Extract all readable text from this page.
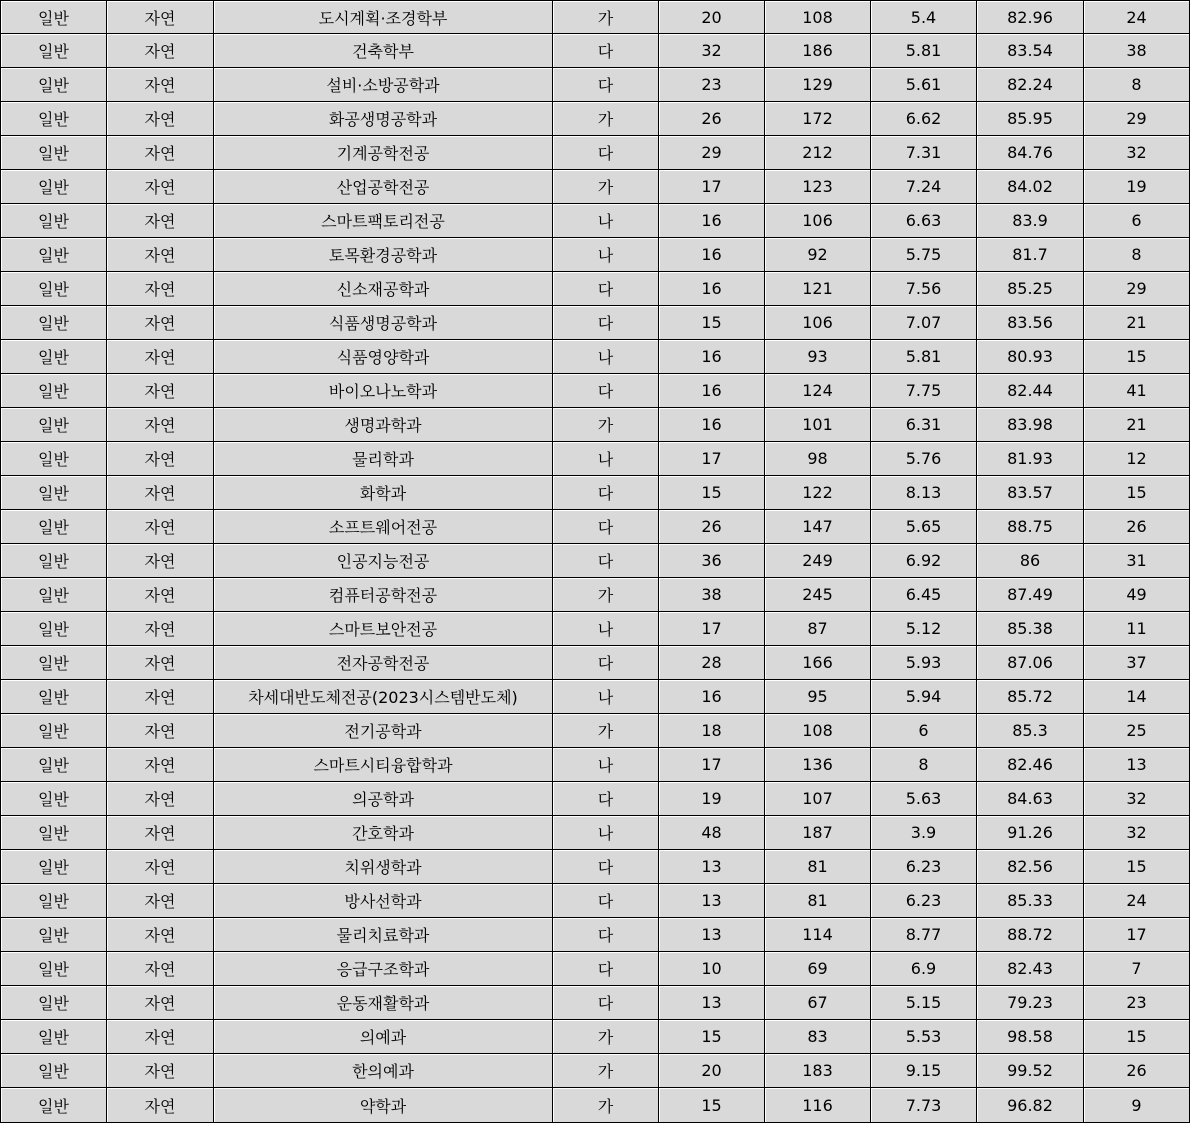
일반	자연	도시계획·조경학부	가	20	108	5.4	82.96	24
일반	자연	건축학부	다	32	186	5.81	83.54	38
일반	자연	설비·소방공학과	다	23	129	5.61	82.24	8
일반	자연	화공생명공학과	가	26	172	6.62	85.95	29
일반	자연	기계공학전공	다	29	212	7.31	84.76	32
일반	자연	산업공학전공	가	17	123	7.24	84.02	19
일반	자연	스마트팩토리전공	나	16	106	6.63	83.9	6
일반	자연	토목환경공학과	나	16	92	5.75	81.7	8
일반	자연	신소재공학과	다	16	121	7.56	85.25	29
일반	자연	식품생명공학과	다	15	106	7.07	83.56	21
일반	자연	식품영양학과	나	16	93	5.81	80.93	15
일반	자연	바이오나노학과	다	16	124	7.75	82.44	41
일반	자연	생명과학과	가	16	101	6.31	83.98	21
일반	자연	물리학과	나	17	98	5.76	81.93	12
일반	자연	화학과	다	15	122	8.13	83.57	15
일반	자연	소프트웨어전공	다	26	147	5.65	88.75	26
일반	자연	인공지능전공	다	36	249	6.92	86	31
일반	자연	컴퓨터공학전공	가	38	245	6.45	87.49	49
일반	자연	스마트보안전공	나	17	87	5.12	85.38	11
일반	자연	전자공학전공	다	28	166	5.93	87.06	37
일반	자연	차세대반도체전공(2023시스템반도체)	나	16	95	5.94	85.72	14
일반	자연	전기공학과	가	18	108	6	85.3	25
일반	자연	스마트시티융합학과	나	17	136	8	82.46	13
일반	자연	의공학과	다	19	107	5.63	84.63	32
일반	자연	간호학과	나	48	187	3.9	91.26	32
일반	자연	치위생학과	다	13	81	6.23	82.56	15
일반	자연	방사선학과	다	13	81	6.23	85.33	24
일반	자연	물리치료학과	다	13	114	8.77	88.72	17
일반	자연	응급구조학과	다	10	69	6.9	82.43	7
일반	자연	운동재활학과	다	13	67	5.15	79.23	23
일반	자연	의예과	가	15	83	5.53	98.58	15
일반	자연	한의예과	가	20	183	9.15	99.52	26
일반	자연	약학과	가	15	116	7.73	96.82	9
